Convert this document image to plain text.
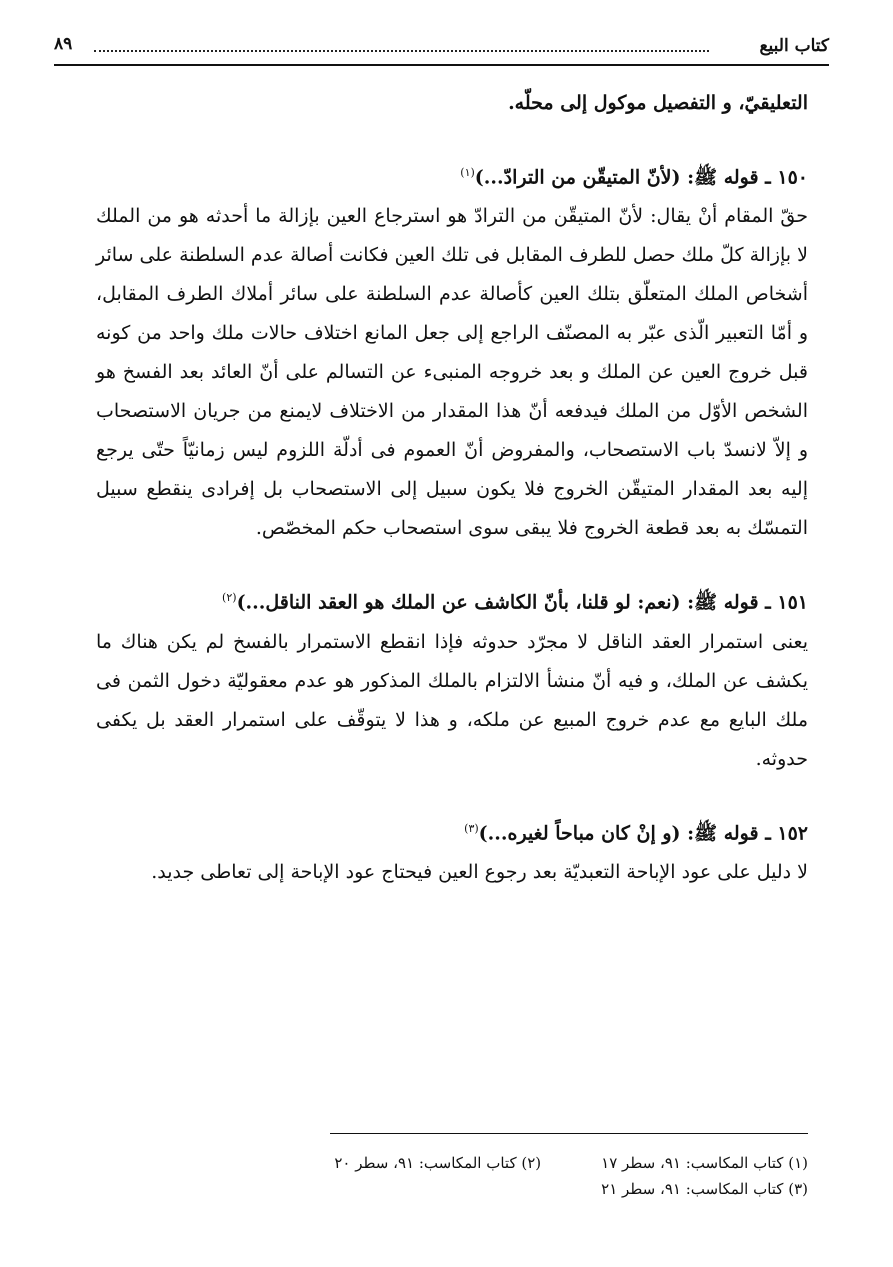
كتاب البيع
٨٩

التعليقيّ، و التفصيل موكول إلى محلّه.

١٥٠ ـ قوله ﷺ: (لأنّ المتيقّن من الترادّ...)$^{(١)}$

حقّ المقام أنْ يقال: لأنّ المتيقّن من الترادّ هو استرجاع العين بإزالة ما أحدثه هو من الملك لا بإزالة كلّ ملك حصل للطرف المقابل فى تلك العين فكانت أصالة عدم السلطنة على سائر أشخاص الملك المتعلّق بتلك العين كأصالة عدم السلطنة على سائر أملاك الطرف المقابل، و أمّا التعبير الّذى عبّر به المصنّف الراجع إلى جعل المانع اختلاف حالات ملك واحد من كونه قبل خروج العين عن الملك و بعد خروجه المنبىء عن التسالم على أنّ العائد بعد الفسخ هو الشخص الأوّل من الملك فيدفعه أنّ هذا المقدار من الاختلاف لايمنع من جريان الاستصحاب و إلاّ لانسدّ باب الاستصحاب، والمفروض أنّ العموم فى أدلّة اللزوم ليس زمانيّاً حتّى يرجع إليه بعد المقدار المتيقّن الخروج فلا يكون سبيل إلى الاستصحاب بل إفرادى ينقطع سبيل التمسّك به بعد قطعة الخروج فلا يبقى سوى استصحاب حكم المخصّص.

١٥١ ـ قوله ﷺ: (نعم: لو قلنا، بأنّ الكاشف عن الملك هو العقد الناقل...)$^{(٢)}$

يعنى استمرار العقد الناقل لا مجرّد حدوثه فإذا انقطع الاستمرار بالفسخ لم يكن هناك ما يكشف عن الملك، و فيه أنّ منشأ الالتزام بالملك المذكور هو عدم معقوليّة دخول الثمن فى ملك البايع مع عدم خروج المبيع عن ملكه، و هذا لا يتوقّف على استمرار العقد بل يكفى حدوثه.

١٥٢ ـ قوله ﷺ: (و إنْ كان مباحاً لغيره...)$^{(٣)}$

لا دليل على عود الإباحة التعبديّة بعد رجوع العين فيحتاج عود الإباحة إلى تعاطى جديد.

(١) كتاب المكاسب: ٩١، سطر ١٧
(٢) كتاب المكاسب: ٩١، سطر ٢٠
(٣) كتاب المكاسب: ٩١، سطر ٢١
